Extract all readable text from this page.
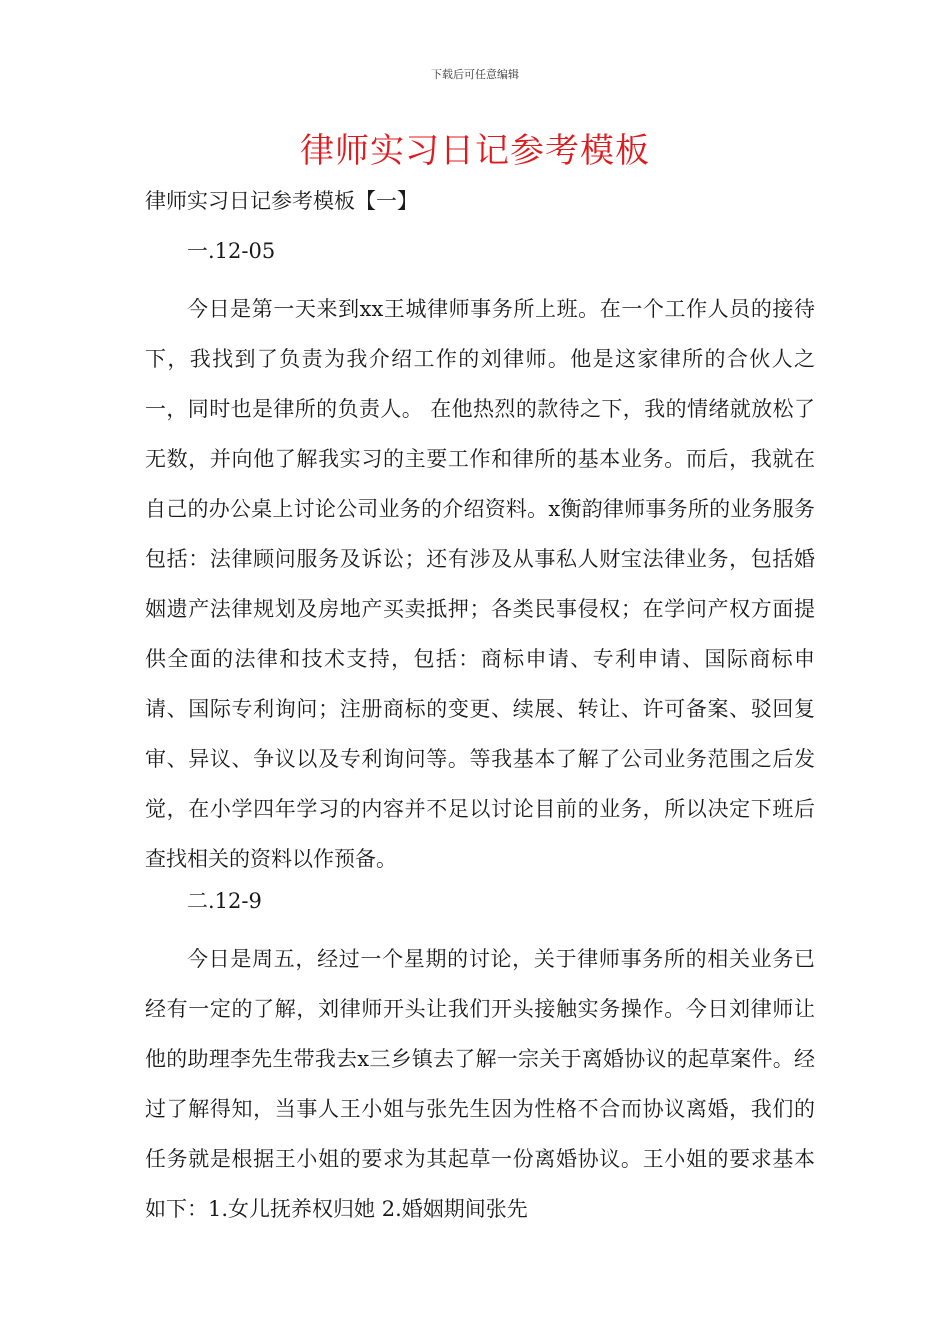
下载后可任意编辑
律师实习日记参考模板
律师实习日记参考模板【一】
一.12-05

今日是第一天来到xx王城律师事务所上班。在一个工作人员的接待下，我找到了负责为我介绍工作的刘律师。他是这家律所的合伙人之一，同时也是律所的负责人。 在他热烈的款待之下，我的情绪就放松了无数，并向他了解我实习的主要工作和律所的基本业务。而后，我就在自己的办公桌上讨论公司业务的介绍资料。x衡韵律师事务所的业务服务包括：法律顾问服务及诉讼；还有涉及从事私人财宝法律业务，包括婚姻遗产法律规划及房地产买卖抵押；各类民事侵权；在学问产权方面提供全面的法律和技术支持，包括：商标申请、专利申请、国际商标申请、国际专利询问；注册商标的变更、续展、转让、许可备案、驳回复审、异议、争议以及专利询问等。等我基本了解了公司业务范围之后发觉，在小学四年学习的内容并不足以讨论目前的业务，所以决定下班后查找相关的资料以作预备。

二.12-9

今日是周五，经过一个星期的讨论，关于律师事务所的相关业务已经有一定的了解，刘律师开头让我们开头接触实务操作。今日刘律师让他的助理李先生带我去x三乡镇去了解一宗关于离婚协议的起草案件。经过了解得知，当事人王小姐与张先生因为性格不合而协议离婚，我们的任务就是根据王小姐的要求为其起草一份离婚协议。王小姐的要求基本如下：1.女儿抚养权归她 2.婚姻期间张先
